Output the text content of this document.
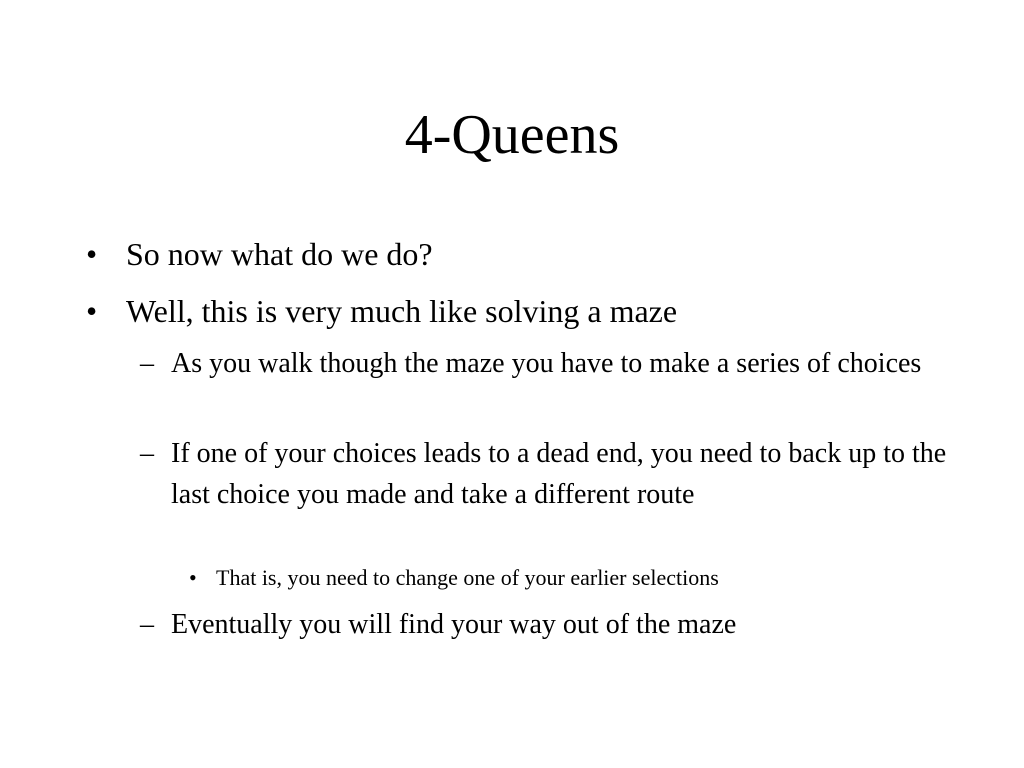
4-Queens
• So now what do we do?
• Well, this is very much like solving a maze
– As you walk though the maze you have to make a series of choices
– If one of your choices leads to a dead end, you need to back up to the last choice you made and take a different route
• That is, you need to change one of your earlier selections
– Eventually you will find your way out of the maze
